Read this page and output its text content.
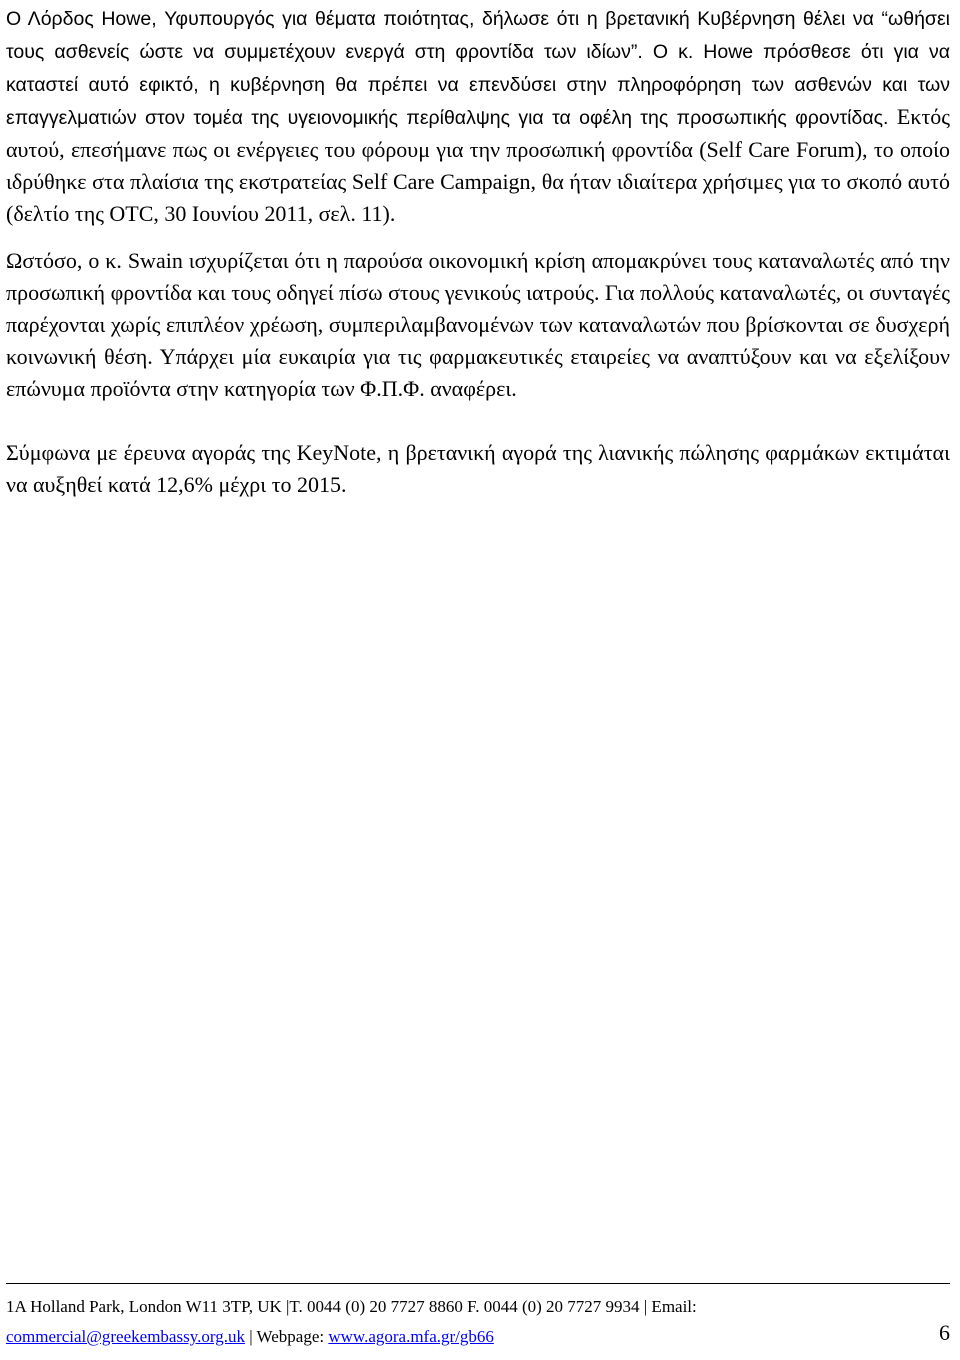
Ο Λόρδος Howe, Υφυπουργός για θέματα ποιότητας, δήλωσε ότι η βρετανική Κυβέρνηση θέλει να “ωθήσει τους ασθενείς ώστε να συμμετέχουν ενεργά στη φροντίδα των ιδίων”. Ο κ. Howe πρόσθεσε ότι για να καταστεί αυτό εφικτό, η κυβέρνηση θα πρέπει να επενδύσει στην πληροφόρηση των ασθενών και των επαγγελματιών στον τομέα της υγειονομικής περίθαλψης για τα οφέλη της προσωπικής φροντίδας. Εκτός αυτού, επεσήμανε πως οι ενέργειες του φόρουμ για την προσωπική φροντίδα (Self Care Forum), το οποίο ιδρύθηκε στα πλαίσια της εκστρατείας Self Care Campaign, θα ήταν ιδιαίτερα χρήσιμες για το σκοπό αυτό (δελτίο της OTC, 30 Ιουνίου 2011, σελ. 11).

Ωστόσο, ο κ. Swain ισχυρίζεται ότι η παρούσα οικονομική κρίση απομακρύνει τους καταναλωτές από την προσωπική φροντίδα και τους οδηγεί πίσω στους γενικούς ιατρούς. Για πολλούς καταναλωτές, οι συνταγές παρέχονται χωρίς επιπλέον χρέωση, συμπεριλαμβανομένων των καταναλωτών που βρίσκονται σε δυσχερή κοινωνική θέση. Υπάρχει μία ευκαιρία για τις φαρμακευτικές εταιρείες να αναπτύξουν και να εξελίξουν επώνυμα προϊόντα στην κατηγορία των Φ.Π.Φ. αναφέρει.

Σύμφωνα με έρευνα αγοράς της KeyNote, η βρετανική αγορά της λιανικής πώλησης φαρμάκων εκτιμάται να αυξηθεί κατά 12,6% μέχρι το 2015.

1A Holland Park, London W11 3TP, UK |T. 0044 (0) 20 7727 8860 F. 0044 (0) 20 7727 9934 | Email:
commercial@greekembassy.org.uk | Webpage: www.agora.mfa.gr/gb66	6
